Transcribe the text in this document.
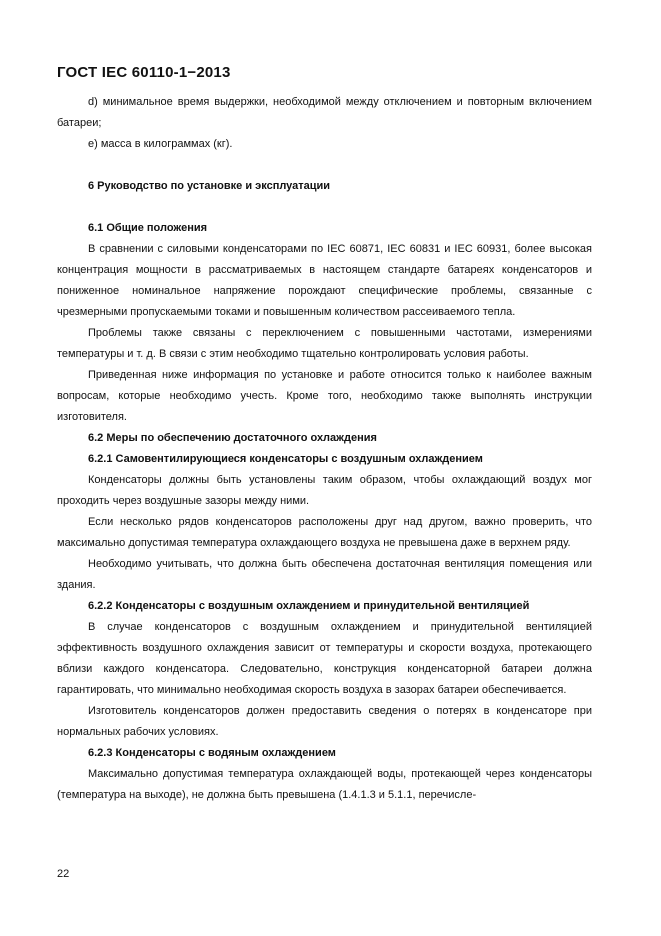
ГОСТ IEC 60110-1−2013

d) минимальное время выдержки, необходимой между отключением и повторным включением батареи;

е) масса в килограммах (кг).

6 Руководство по установке и эксплуатации

6.1 Общие положения

В сравнении с силовыми конденсаторами по IEC 60871, IEC 60831 и IEC 60931, более высокая концентрация мощности в рассматриваемых в настоящем стандарте батареях конденсаторов и пониженное номинальное напряжение порождают специфические проблемы, связанные с чрезмерными пропускаемыми токами и повышенным количеством рассеиваемого тепла.

Проблемы также связаны с переключением с повышенными частотами, измерениями температуры и т. д. В связи с этим необходимо тщательно контролировать условия работы.

Приведенная ниже информация по установке и работе относится только к наиболее важным вопросам, которые необходимо учесть. Кроме того, необходимо также выполнять инструкции изготовителя.

6.2 Меры по обеспечению достаточного охлаждения

6.2.1 Самовентилирующиеся конденсаторы с воздушным охлаждением

Конденсаторы должны быть установлены таким образом, чтобы охлаждающий воздух мог проходить через воздушные зазоры между ними.

Если несколько рядов конденсаторов расположены друг над другом, важно проверить, что максимально допустимая температура охлаждающего воздуха не превышена даже в верхнем ряду.

Необходимо учитывать, что должна быть обеспечена достаточная вентиляция помещения или здания.

6.2.2 Конденсаторы с воздушным охлаждением и принудительной вентиляцией

В случае конденсаторов с воздушным охлаждением и принудительной вентиляцией эффективность воздушного охлаждения зависит от температуры и скорости воздуха, протекающего вблизи каждого конденсатора. Следовательно, конструкция конденсаторной батареи должна гарантировать, что минимально необходимая скорость воздуха в зазорах батареи обеспечивается.

Изготовитель конденсаторов должен предоставить сведения о потерях в конденсаторе при нормальных рабочих условиях.

6.2.3 Конденсаторы с водяным охлаждением

Максимально допустимая температура охлаждающей воды, протекающей через конденсаторы (температура на выходе), не должна быть превышена (1.4.1.3 и 5.1.1, перечисле-

22
